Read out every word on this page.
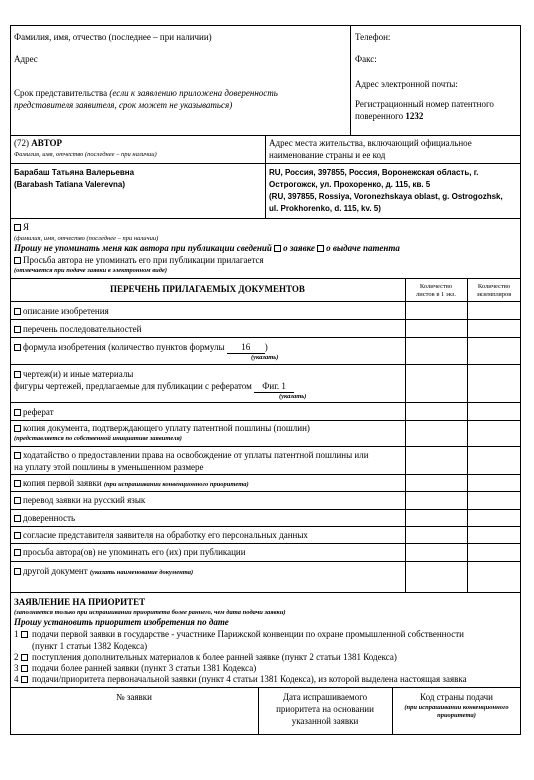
Фамилия, имя, отчество (последнее – при наличии)
Адрес
Срок представительства (если к заявлению приложена доверенность
представителя заявителя, срок может не указываться)
Телефон:
Факс:
Адрес электронной почты:
Регистрационный номер патентного
поверенного 1232
(72) АВТОР
Фамилия, имя, отчество (последнее – при наличии)
Адрес места жительства, включающий официальное
наименование страны и ее код
Барабаш Татьяна Валерьевна
(Barabash Tatiana Valerevna)
RU, Россия, 397855, Россия, Воронежская область, г.
Острогожск, ул. Прохоренко, д. 115, кв. 5
(RU, 397855, Rossiya, Voronezhskaya oblast, g. Ostrogozhsk,
ul. Prokhorenko, d. 115, kv. 5)
Я
(фамилия, имя, отчество (последнее – при наличии)
Прошу не упоминать меня как автора при публикации сведений о заявке о выдаче патента
Просьба автора не упоминать его при публикации прилагается
(отмечается при подаче заявки в электронном виде)
ПЕРЕЧЕНЬ ПРИЛАГАЕМЫХ ДОКУМЕНТОВ	Количество
листов в 1 экз.
Количество
экземпляров
описание изобретения
перечень последовательностей
формула изобретения (количество пунктов формулы 16 )
(указать)
чертеж(и) и иные материалы
фигуры чертежей, предлагаемые для публикации с рефератом Фиг. 1
(указать)
реферат
копия документа, подтверждающего уплату патентной пошлины (пошлин)
(представляется по собственной инициативе заявителя)
ходатайство о предоставлении права на освобождение от уплаты патентной пошлины или
на уплату этой пошлины в уменьшенном размере
копия первой заявки (при испрашивании конвенционного приоритета)
перевод заявки на русский язык
доверенность
согласие представителя заявителя на обработку его персональных данных
просьба автора(ов) не упоминать его (их) при публикации
другой документ (указать наименование документа)
ЗАЯВЛЕНИЕ НА ПРИОРИТЕТ
(заполняется только при испрашивании приоритета более раннего, чем дата подачи заявки)
Прошу установить приоритет изобретения по дате
1 подачи первой заявки в государстве - участнике Парижской конвенции по охране промышленной собственности
(пункт 1 статьи 1382 Кодекса)
2 поступления дополнительных материалов к более ранней заявке (пункт 2 статьи 1381 Кодекса)
3 подачи более ранней заявки (пункт 3 статьи 1381 Кодекса)
4 подачи/приоритета первоначальной заявки (пункт 4 статьи 1381 Кодекса), из которой выделена настоящая заявка
№ заявки	Дата испрашиваемого
приоритета на основании
указанной заявки
Код страны подачи
(при испрашивании конвенционного
приоритета)
